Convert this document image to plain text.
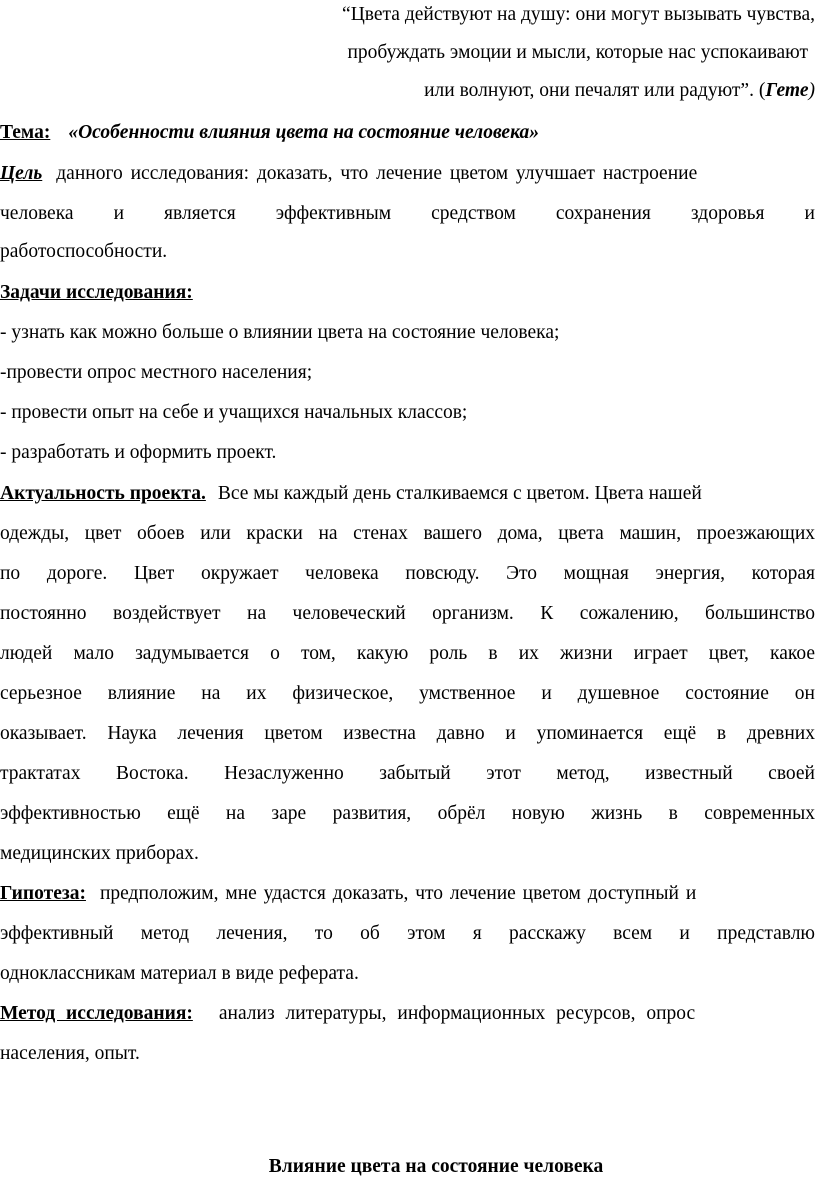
“Цвета действуют на душу: они могут вызывать чувства,
пробуждать эмоции и мысли, которые нас успокаивают
или волнуют, они печалят или радуют”. (Гете)
Тема: «Особенности влияния цвета на состояние человека»
Цель данного исследования: доказать, что лечение цветом улучшает настроение
человека и является эффективным средством сохранения здоровья и
работоспособности.
Задачи исследования:
- узнать как можно больше о влиянии цвета на состояние человека;
-провести опрос местного населения;
- провести опыт на себе и учащихся начальных классов;
- разработать и оформить проект.
Актуальность проекта. Все мы каждый день сталкиваемся с цветом. Цвета нашей
одежды, цвет обоев или краски на стенах вашего дома, цвета машин, проезжающих
по дороге. Цвет окружает человека повсюду. Это мощная энергия, которая
постоянно воздействует на человеческий организм. К сожалению, большинство
людей мало задумывается о том, какую роль в их жизни играет цвет, какое
серьезное влияние на их физическое, умственное и душевное состояние он
оказывает. Наука лечения цветом известна давно и упоминается ещё в древних
трактатах Востока. Незаслуженно забытый этот метод, известный своей
эффективностью ещё на заре развития, обрёл новую жизнь в современных
медицинских приборах.
Гипотеза: предположим, мне удастся доказать, что лечение цветом доступный и
эффективный метод лечения, то об этом я расскажу всем и представлю
одноклассникам материал в виде реферата.
Метод исследования: анализ литературы, информационных ресурсов, опрос
населения, опыт.
Влияние цвета на состояние человека
